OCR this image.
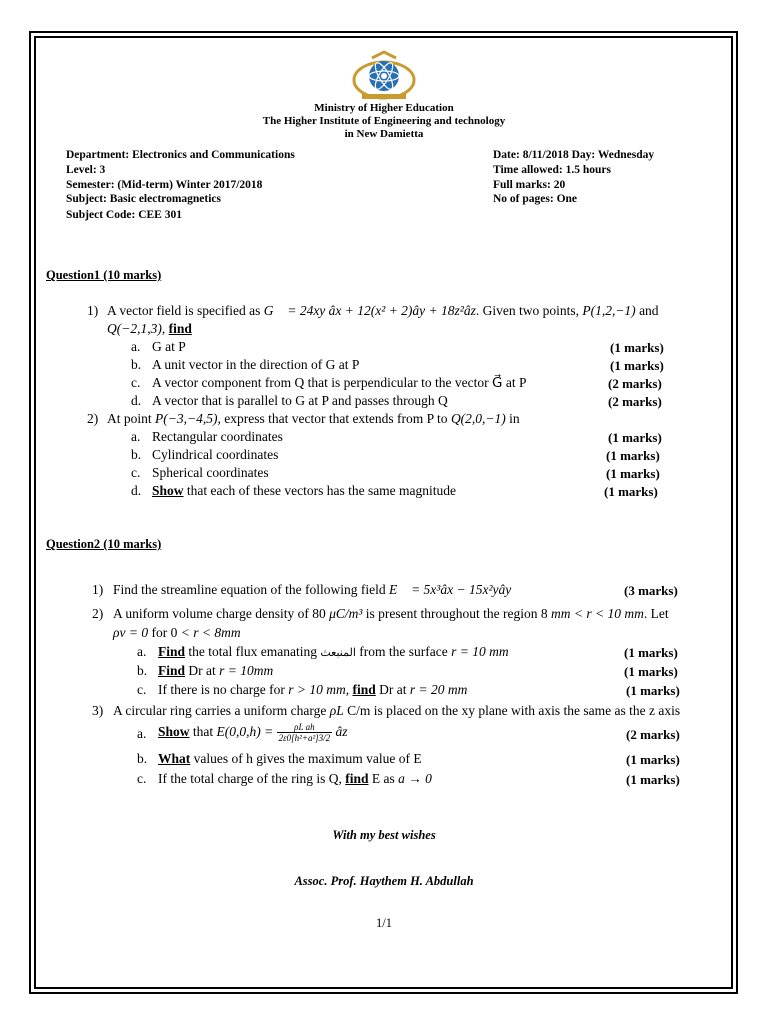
Ministry of Higher Education
The Higher Institute of Engineering and technology
in New Damietta
Department: Electronics and Communications
Level: 3
Semester: (Mid-term) Winter 2017/2018
Subject: Basic electromagnetics
Subject Code: CEE 301
Date: 8/11/2018 Day: Wednesday
Time allowed: 1.5 hours
Full marks: 20
No of pages: One
Question1 (10 marks)
1) A vector field is specified as G⃗ = 24xy âx + 12(x² + 2)ây + 18z²âz. Given two points, P(1,2,−1) and
Q(−2,1,3), find
a. G at P	(1 marks)
b. A unit vector in the direction of G at P	(1 marks)
c. A vector component from Q that is perpendicular to the vector G⃗ at P	(2 marks)
d. A vector that is parallel to G at P and passes through Q	(2 marks)
2) At point P(−3,−4,5), express that vector that extends from P to Q(2,0,−1) in
a. Rectangular coordinates	(1 marks)
b. Cylindrical coordinates	(1 marks)
c. Spherical coordinates	(1 marks)
d. Show that each of these vectors has the same magnitude	(1 marks)
Question2 (10 marks)
1) Find the streamline equation of the following field E⃗ = 5x³âx − 15x²yây	(3 marks)
2) A uniform volume charge density of 80 μC/m³ is present throughout the region 8 mm < r < 10 mm. Let
ρv = 0 for 0 < r < 8mm
a. Find the total flux emanating المنبعث from the surface r = 10 mm	(1 marks)
b. Find Dr at r = 10mm	(1 marks)
c. If there is no charge for r > 10 mm, find Dr at r = 20 mm	(1 marks)
3) A circular ring carries a uniform charge ρL C/m is placed on the xy plane with axis the same as the z axis
a. Show that $E(0,0,h) = \frac{\text{ρL ah}}{\text{2ε0[h²+a²]3/2}}$ âz	(2 marks)
b. What values of h gives the maximum value of E	(1 marks)
c. If the total charge of the ring is Q, find E as a → 0	(1 marks)
With my best wishes
Assoc. Prof. Haythem H. Abdullah
1/1
